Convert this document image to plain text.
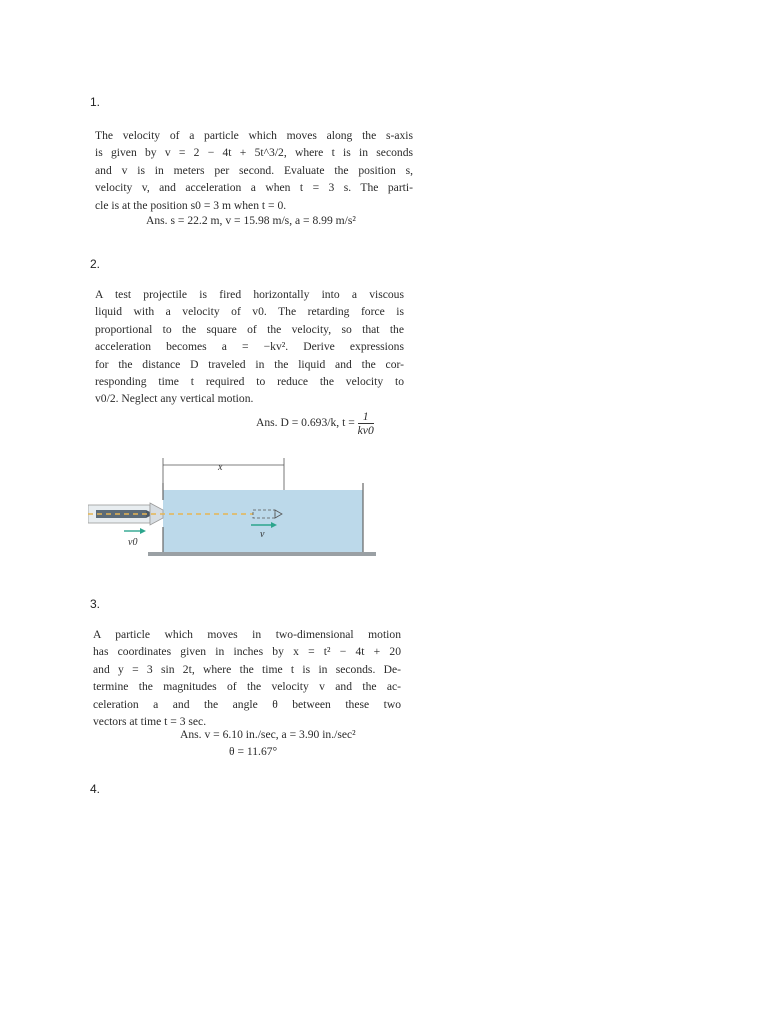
1.
The velocity of a particle which moves along the s-axis
is given by v = 2 − 4t + 5t^3/2, where t is in seconds
and v is in meters per second. Evaluate the position s,
velocity v, and acceleration a when t = 3 s. The parti-
cle is at the position s0 = 3 m when t = 0.
Ans. s = 22.2 m, v = 15.98 m/s, a = 8.99 m/s²
2.
A test projectile is fired horizontally into a viscous
liquid with a velocity of v0. The retarding force is
proportional to the square of the velocity, so that the
acceleration becomes a = −kv². Derive expressions
for the distance D traveled in the liquid and the cor-
responding time t required to reduce the velocity to
v0/2. Neglect any vertical motion.
Ans. D = 0.693/k, $t = \frac{1}{kv0}$
x
v
v0
3.
A particle which moves in two-dimensional motion
has coordinates given in inches by x = t² − 4t + 20
and y = 3 sin 2t, where the time t is in seconds. De-
termine the magnitudes of the velocity v and the ac-
celeration a and the angle θ between these two
vectors at time t = 3 sec.
Ans. v = 6.10 in./sec, a = 3.90 in./sec²
θ = 11.67°
4.
